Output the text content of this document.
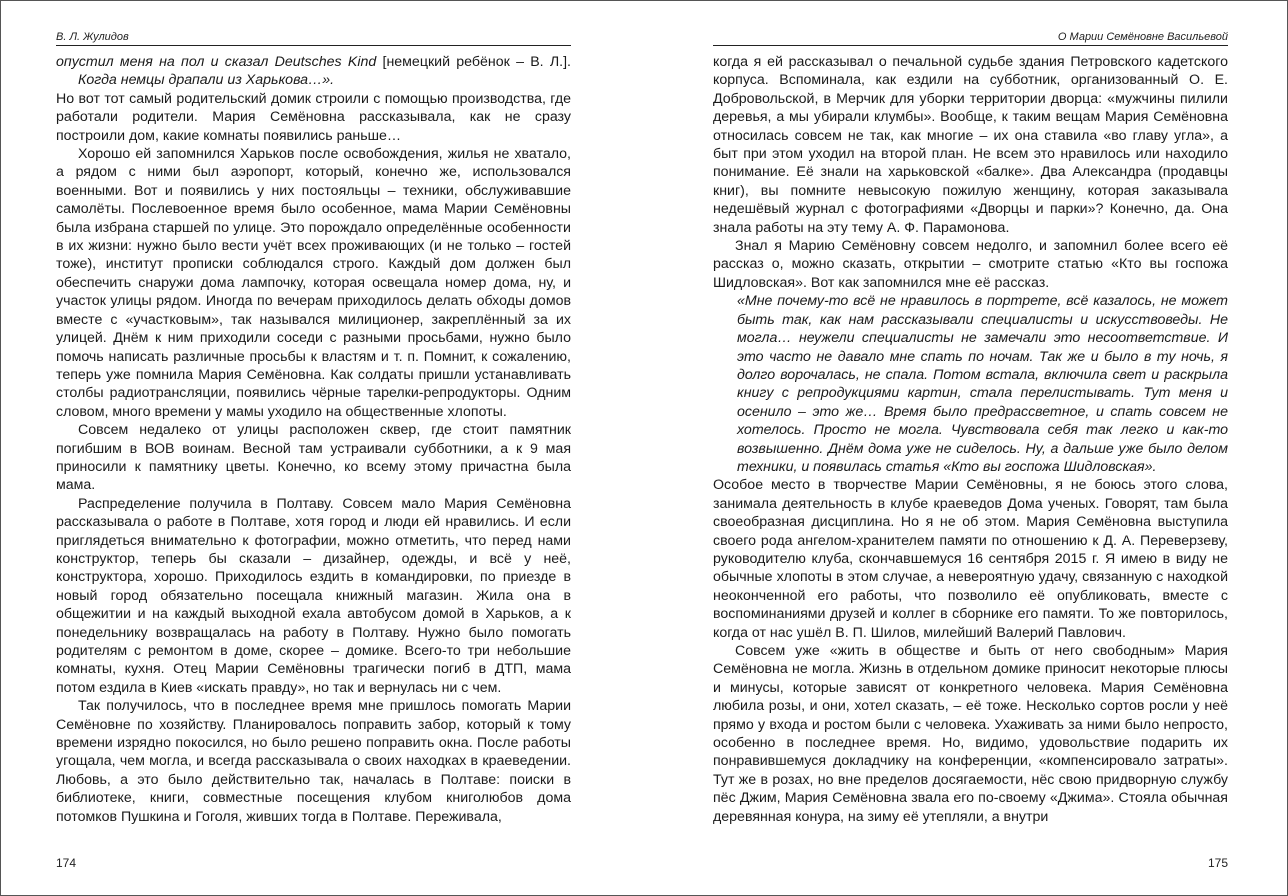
В. Л. Жулидов

опустил меня на пол и сказал Deutsches Kind [немецкий ребёнок – В. Л.]. Когда немцы драпали из Харькова…».

Но вот тот самый родительский домик строили с помощью производства, где работали родители. Мария Семёновна рассказывала, как не сразу построили дом, какие комнаты появились раньше…

Хорошо ей запомнился Харьков после освобождения, жилья не хватало, а рядом с ними был аэропорт, который, конечно же, использовался военными. Вот и появились у них постояльцы – техники, обслуживавшие самолёты. Послевоенное время было особенное, мама Марии Семёновны была избрана старшей по улице. Это порождало определённые особенности в их жизни: нужно было вести учёт всех проживающих (и не только – гостей тоже), институт прописки соблюдался строго. Каждый дом должен был обеспечить снаружи дома лампочку, которая освещала номер дома, ну, и участок улицы рядом. Иногда по вечерам приходилось делать обходы домов вместе с «участковым», так назывался милиционер, закреплённый за их улицей. Днём к ним приходили соседи с разными просьбами, нужно было помочь написать различные просьбы к властям и т. п. Помнит, к сожалению, теперь уже помнила Мария Семёновна. Как солдаты пришли устанавливать столбы радиотрансляции, появились чёрные тарелки-репродукторы. Одним словом, много времени у мамы уходило на общественные хлопоты.

Совсем недалеко от улицы расположен сквер, где стоит памятник погибшим в ВОВ воинам. Весной там устраивали субботники, а к 9 мая приносили к памятнику цветы. Конечно, ко всему этому причастна была мама.

Распределение получила в Полтаву. Совсем мало Мария Семёновна рассказывала о работе в Полтаве, хотя город и люди ей нравились. И если приглядеться внимательно к фотографии, можно отметить, что перед нами конструктор, теперь бы сказали – дизайнер, одежды, и всё у неё, конструктора, хорошо. Приходилось ездить в командировки, по приезде в новый город обязательно посещала книжный магазин. Жила она в общежитии и на каждый выходной ехала автобусом домой в Харьков, а к понедельнику возвращалась на работу в Полтаву. Нужно было помогать родителям с ремонтом в доме, скорее – домике. Всего-то три небольшие комнаты, кухня. Отец Марии Семёновны трагически погиб в ДТП, мама потом ездила в Киев «искать правду», но так и вернулась ни с чем.

Так получилось, что в последнее время мне пришлось помогать Марии Семёновне по хозяйству. Планировалось поправить забор, который к тому времени изрядно покосился, но было решено поправить окна. После работы угощала, чем могла, и всегда рассказывала о своих находках в краеведении. Любовь, а это было действительно так, началась в Полтаве: поиски в библиотеке, книги, совместные посещения клубом книголюбов дома потомков Пушкина и Гоголя, живших тогда в Полтаве. Переживала,

174
О Марии Семёновне Васильевой

когда я ей рассказывал о печальной судьбе здания Петровского кадетского корпуса. Вспоминала, как ездили на субботник, организованный О. Е. Добровольской, в Мерчик для уборки территории дворца: «мужчины пилили деревья, а мы убирали клумбы». Вообще, к таким вещам Мария Семёновна относилась совсем не так, как многие – их она ставила «во главу угла», а быт при этом уходил на второй план. Не всем это нравилось или находило понимание. Её знали на харьковской «балке». Два Александра (продавцы книг), вы помните невысокую пожилую женщину, которая заказывала недешёвый журнал с фотографиями «Дворцы и парки»? Конечно, да. Она знала работы на эту тему А. Ф. Парамонова.

Знал я Марию Семёновну совсем недолго, и запомнил более всего её рассказ о, можно сказать, открытии – смотрите статью «Кто вы госпожа Шидловская». Вот как запомнился мне её рассказ.

«Мне почему-то всё не нравилось в портрете, всё казалось, не может быть так, как нам рассказывали специалисты и искусствоведы. Не могла… неужели специалисты не замечали это несоответствие. И это часто не давало мне спать по ночам. Так же и было в ту ночь, я долго ворочалась, не спала. Потом встала, включила свет и раскрыла книгу с репродукциями картин, стала перелистывать. Тут меня и осенило – это же… Время было предрассветное, и спать совсем не хотелось. Просто не могла. Чувствовала себя так легко и как-то возвышенно. Днём дома уже не сиделось. Ну, а дальше уже было делом техники, и появилась статья «Кто вы госпожа Шидловская».

Особое место в творчестве Марии Семёновны, я не боюсь этого слова, занимала деятельность в клубе краеведов Дома ученых. Говорят, там была своеобразная дисциплина. Но я не об этом. Мария Семёновна выступила своего рода ангелом-хранителем памяти по отношению к Д. А. Переверзеву, руководителю клуба, скончавшемуся 16 сентября 2015 г. Я имею в виду не обычные хлопоты в этом случае, а невероятную удачу, связанную с находкой неоконченной его работы, что позволило её опубликовать, вместе с воспоминаниями друзей и коллег в сборнике его памяти. То же повторилось, когда от нас ушёл В. П. Шилов, милейший Валерий Павлович.

Совсем уже «жить в обществе и быть от него свободным» Мария Семёновна не могла. Жизнь в отдельном домике приносит некоторые плюсы и минусы, которые зависят от конкретного человека. Мария Семёновна любила розы, и они, хотел сказать, – её тоже. Несколько сортов росли у неё прямо у входа и ростом были с человека. Ухаживать за ними было непросто, особенно в последнее время. Но, видимо, удовольствие подарить их понравившемуся докладчику на конференции, «компенсировало затраты». Тут же в розах, но вне пределов досягаемости, нёс свою придворную службу пёс Джим, Мария Семёновна звала его по-своему «Джима». Стояла обычная деревянная конура, на зиму её утепляли, а внутри

175
